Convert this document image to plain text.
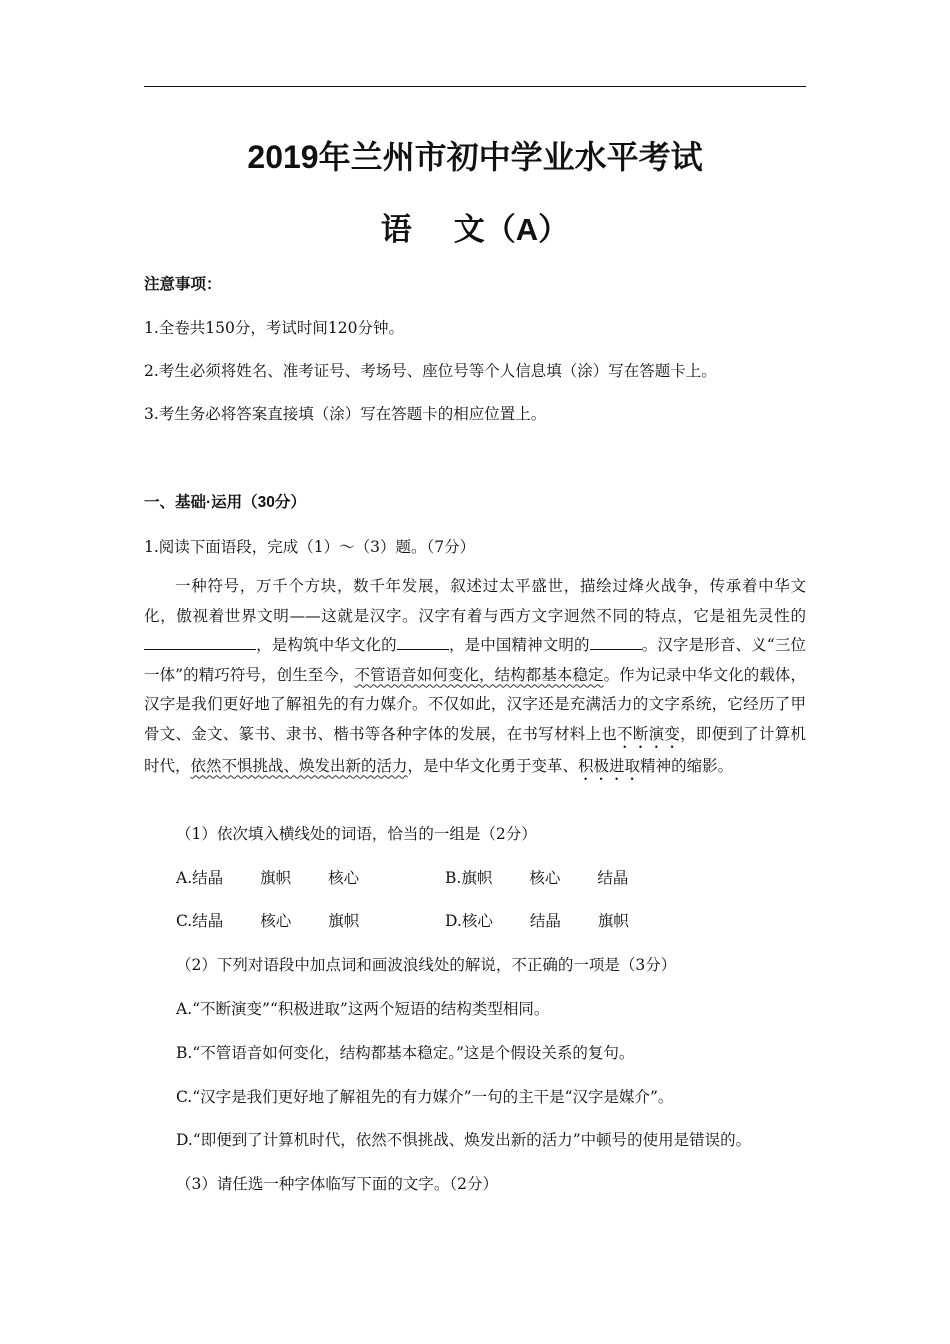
2019年兰州市初中学业水平考试
语 文（A）
注意事项：
1.全卷共150分，考试时间120分钟。
2.考生必须将姓名、准考证号、考场号、座位号等个人信息填（涂）写在答题卡上。
3.考生务必将答案直接填（涂）写在答题卡的相应位置上。
一、基础·运用（30分）
1.阅读下面语段，完成（1）～（3）题。（7分）
一种符号，万千个方块，数千年发展，叙述过太平盛世，描绘过烽火战争，传承着中华文化，傲视着世界文明——这就是汉字。汉字有着与西方文字迥然不同的特点，它是祖先灵性的，是构筑中华文化的	，是中国精神文明的	。汉字是形音、义“三位一体”的精巧符号，创生至今，不管语音如何变化，结构都基本稳定。作为记录中华文化的载体，汉字是我们更好地了解祖先的有力媒介。不仅如此，汉字还是充满活力的文字系统，它经历了甲骨文、金文、篆书、隶书、楷书等各种字体的发展，在书写材料上也不断演变，即便到了计算机时代，依然不惧挑战、焕发出新的活力，是中华文化勇于变革、积极进取精神的缩影。
（1）依次填入横线处的词语，恰当的一组是（2分）
A.结晶 旗帜 核心	B.旗帜 核心 结晶
C.结晶 核心 旗帜	D.核心 结晶 旗帜
（2）下列对语段中加点词和画波浪线处的解说，不正确的一项是（3分）
A.“不断演变”“积极进取”这两个短语的结构类型相同。
B.“不管语音如何变化，结构都基本稳定。”这是个假设关系的复句。
C.“汉字是我们更好地了解祖先的有力媒介”一句的主干是“汉字是媒介”。
D.“即便到了计算机时代，依然不惧挑战、焕发出新的活力”中顿号的使用是错误的。
（3）请任选一种字体临写下面的文字。（2分）
